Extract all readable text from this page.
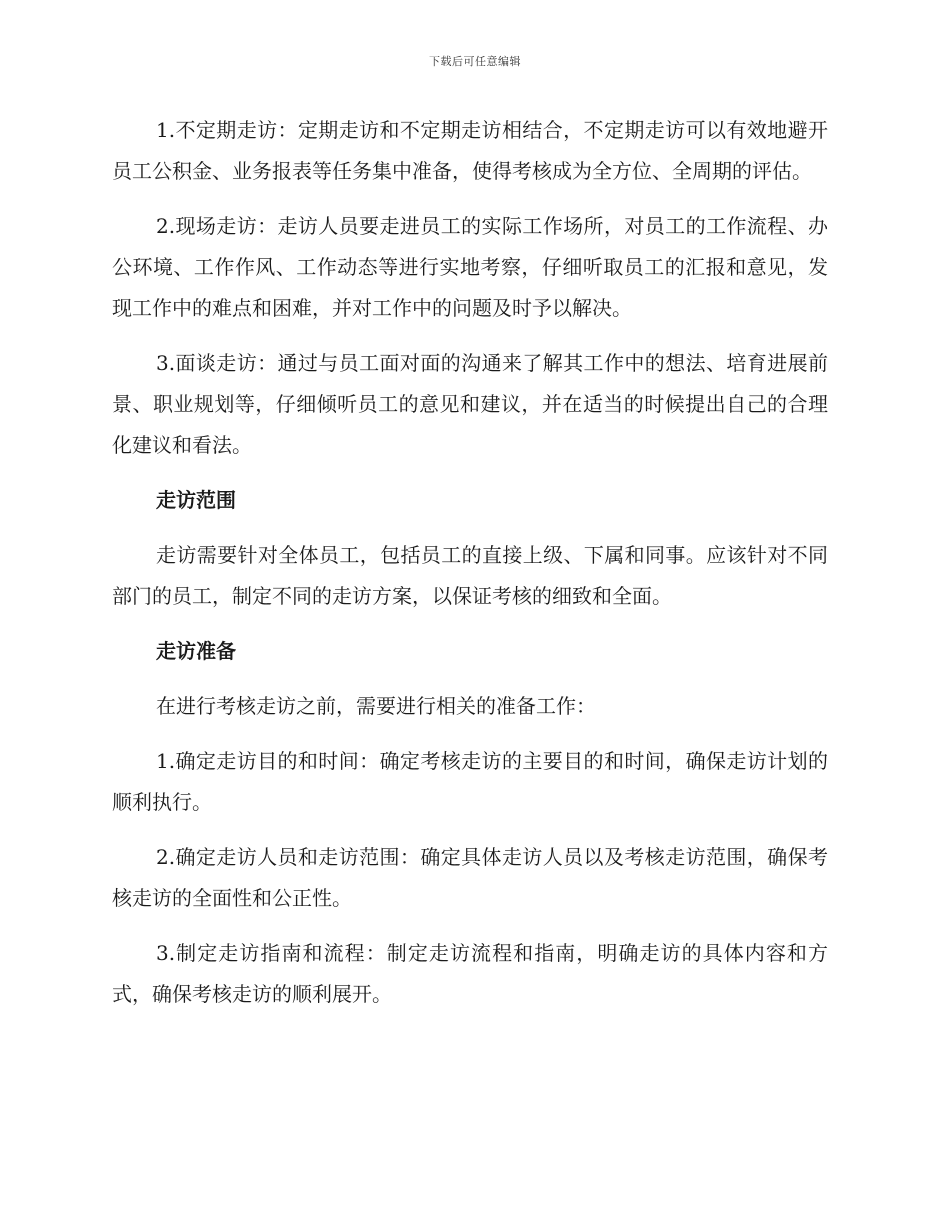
下载后可任意编辑

1.不定期走访：定期走访和不定期走访相结合，不定期走访可以有效地避开员工公积金、业务报表等任务集中准备，使得考核成为全方位、全周期的评估。

2.现场走访：走访人员要走进员工的实际工作场所，对员工的工作流程、办公环境、工作作风、工作动态等进行实地考察，仔细听取员工的汇报和意见，发现工作中的难点和困难，并对工作中的问题及时予以解决。

3.面谈走访：通过与员工面对面的沟通来了解其工作中的想法、培育进展前景、职业规划等，仔细倾听员工的意见和建议，并在适当的时候提出自己的合理化建议和看法。

走访范围

走访需要针对全体员工，包括员工的直接上级、下属和同事。应该针对不同部门的员工，制定不同的走访方案，以保证考核的细致和全面。

走访准备

在进行考核走访之前，需要进行相关的准备工作：

1.确定走访目的和时间：确定考核走访的主要目的和时间，确保走访计划的顺利执行。

2.确定走访人员和走访范围：确定具体走访人员以及考核走访范围，确保考核走访的全面性和公正性。

3.制定走访指南和流程：制定走访流程和指南，明确走访的具体内容和方式，确保考核走访的顺利展开。
